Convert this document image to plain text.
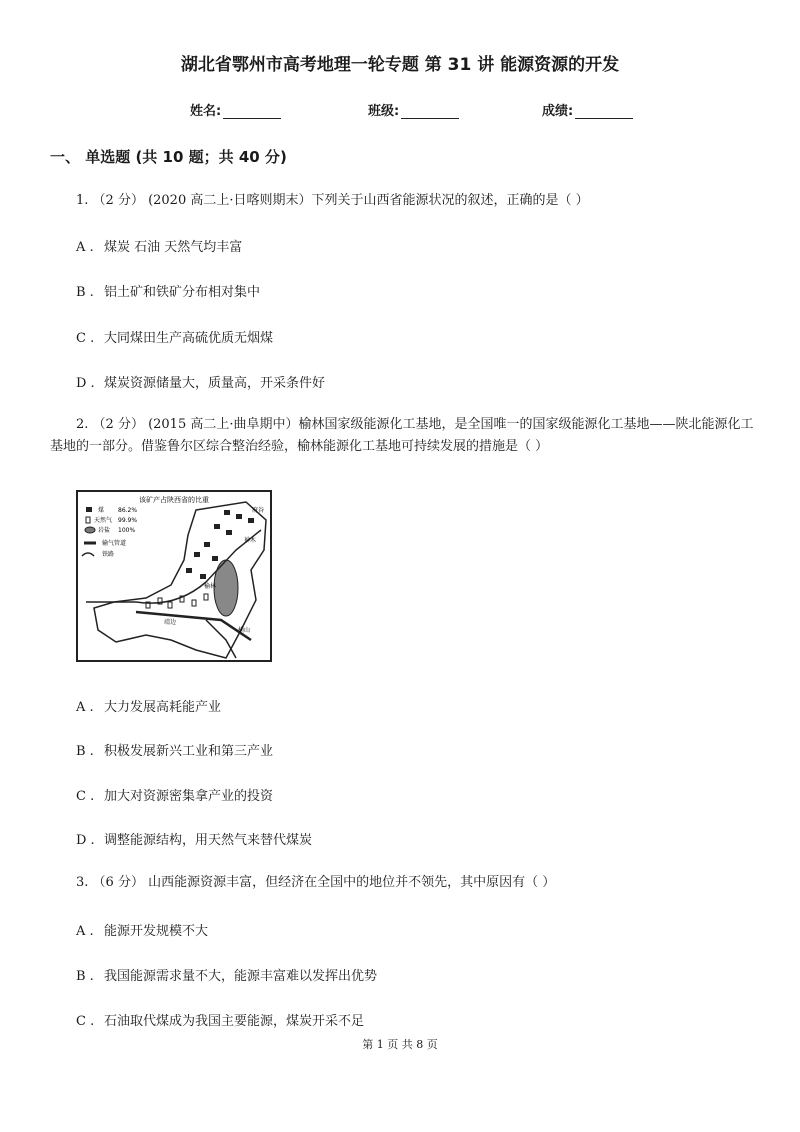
湖北省鄂州市高考地理一轮专题 第 31 讲 能源资源的开发
姓名:	班级:	成绩:
一、 单选题 (共 10 题；共 40 分)
1. （2 分） (2020 高二上·日喀则期末）下列关于山西省能源状况的叙述，正确的是（ ）
A . 煤炭 石油 天然气均丰富
B . 铝土矿和铁矿分布相对集中
C . 大同煤田生产高硫优质无烟煤
D . 煤炭资源储量大，质量高，开采条件好
2. （2 分） (2015 高二上·曲阜期中）榆林国家级能源化工基地，是全国唯一的国家级能源化工基地——陕北能源化工基地的一部分。借鉴鲁尔区综合整治经验，榆林能源化工基地可持续发展的措施是（ ）
该矿产占陕西省的比重
煤 86.2%
天然气 99.9%
岩盐 100%
输气管道
铁路
神木
榆林
靖边
横山
府谷
A . 大力发展高耗能产业
B . 积极发展新兴工业和第三产业
C . 加大对资源密集拿产业的投资
D . 调整能源结构，用天然气来替代煤炭
3. （6 分） 山西能源资源丰富，但经济在全国中的地位并不领先，其中原因有（ ）
A . 能源开发规模不大
B . 我国能源需求量不大，能源丰富难以发挥出优势
C . 石油取代煤成为我国主要能源，煤炭开采不足
第 1 页 共 8 页
